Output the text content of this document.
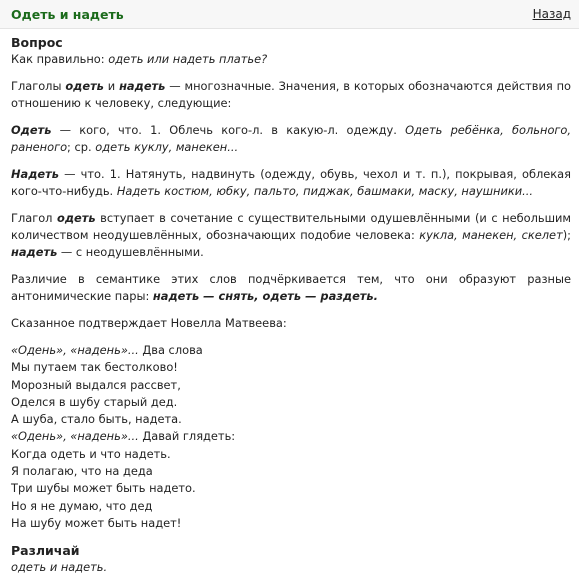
Одеть и надеть	Назад
Вопрос

Как правильно: одеть или надеть платье?

Глаголы одеть и надеть — многозначные. Значения, в которых обозначаются действия по отношению к человеку, следующие:

Одеть — кого, что. 1. Облечь кого-л. в какую-л. одежду. Одеть ребёнка, больного, раненого; ср. одеть куклу, манекен...

Надеть — что. 1. Натянуть, надвинуть (одежду, обувь, чехол и т. п.), покрывая, облекая кого-что-нибудь. Надеть костюм, юбку, пальто, пиджак, башмаки, маску, наушники...

Глагол одеть вступает в сочетание с существительными одушевлёнными (и с небольшим количеством неодушевлённых, обозначающих подобие человека: кукла, манекен, скелет); надеть — с неодушевлёнными.

Различие в семантике этих слов подчёркивается тем, что они образуют разные антонимические пары: надеть — снять, одеть — раздеть.

Сказанное подтверждает Новелла Матвеева:

«Одень», «надень»... Два слова
Мы путаем так бестолково!
Морозный выдался рассвет,
Оделся в шубу старый дед.
А шуба, стало быть, надета.
«Одень», «надень»... Давай глядеть:
Когда одеть и что надеть.
Я полагаю, что на деда
Три шубы может быть надето.
Но я не думаю, что дед
На шубу может быть надет!
Различай

одеть и надеть.
